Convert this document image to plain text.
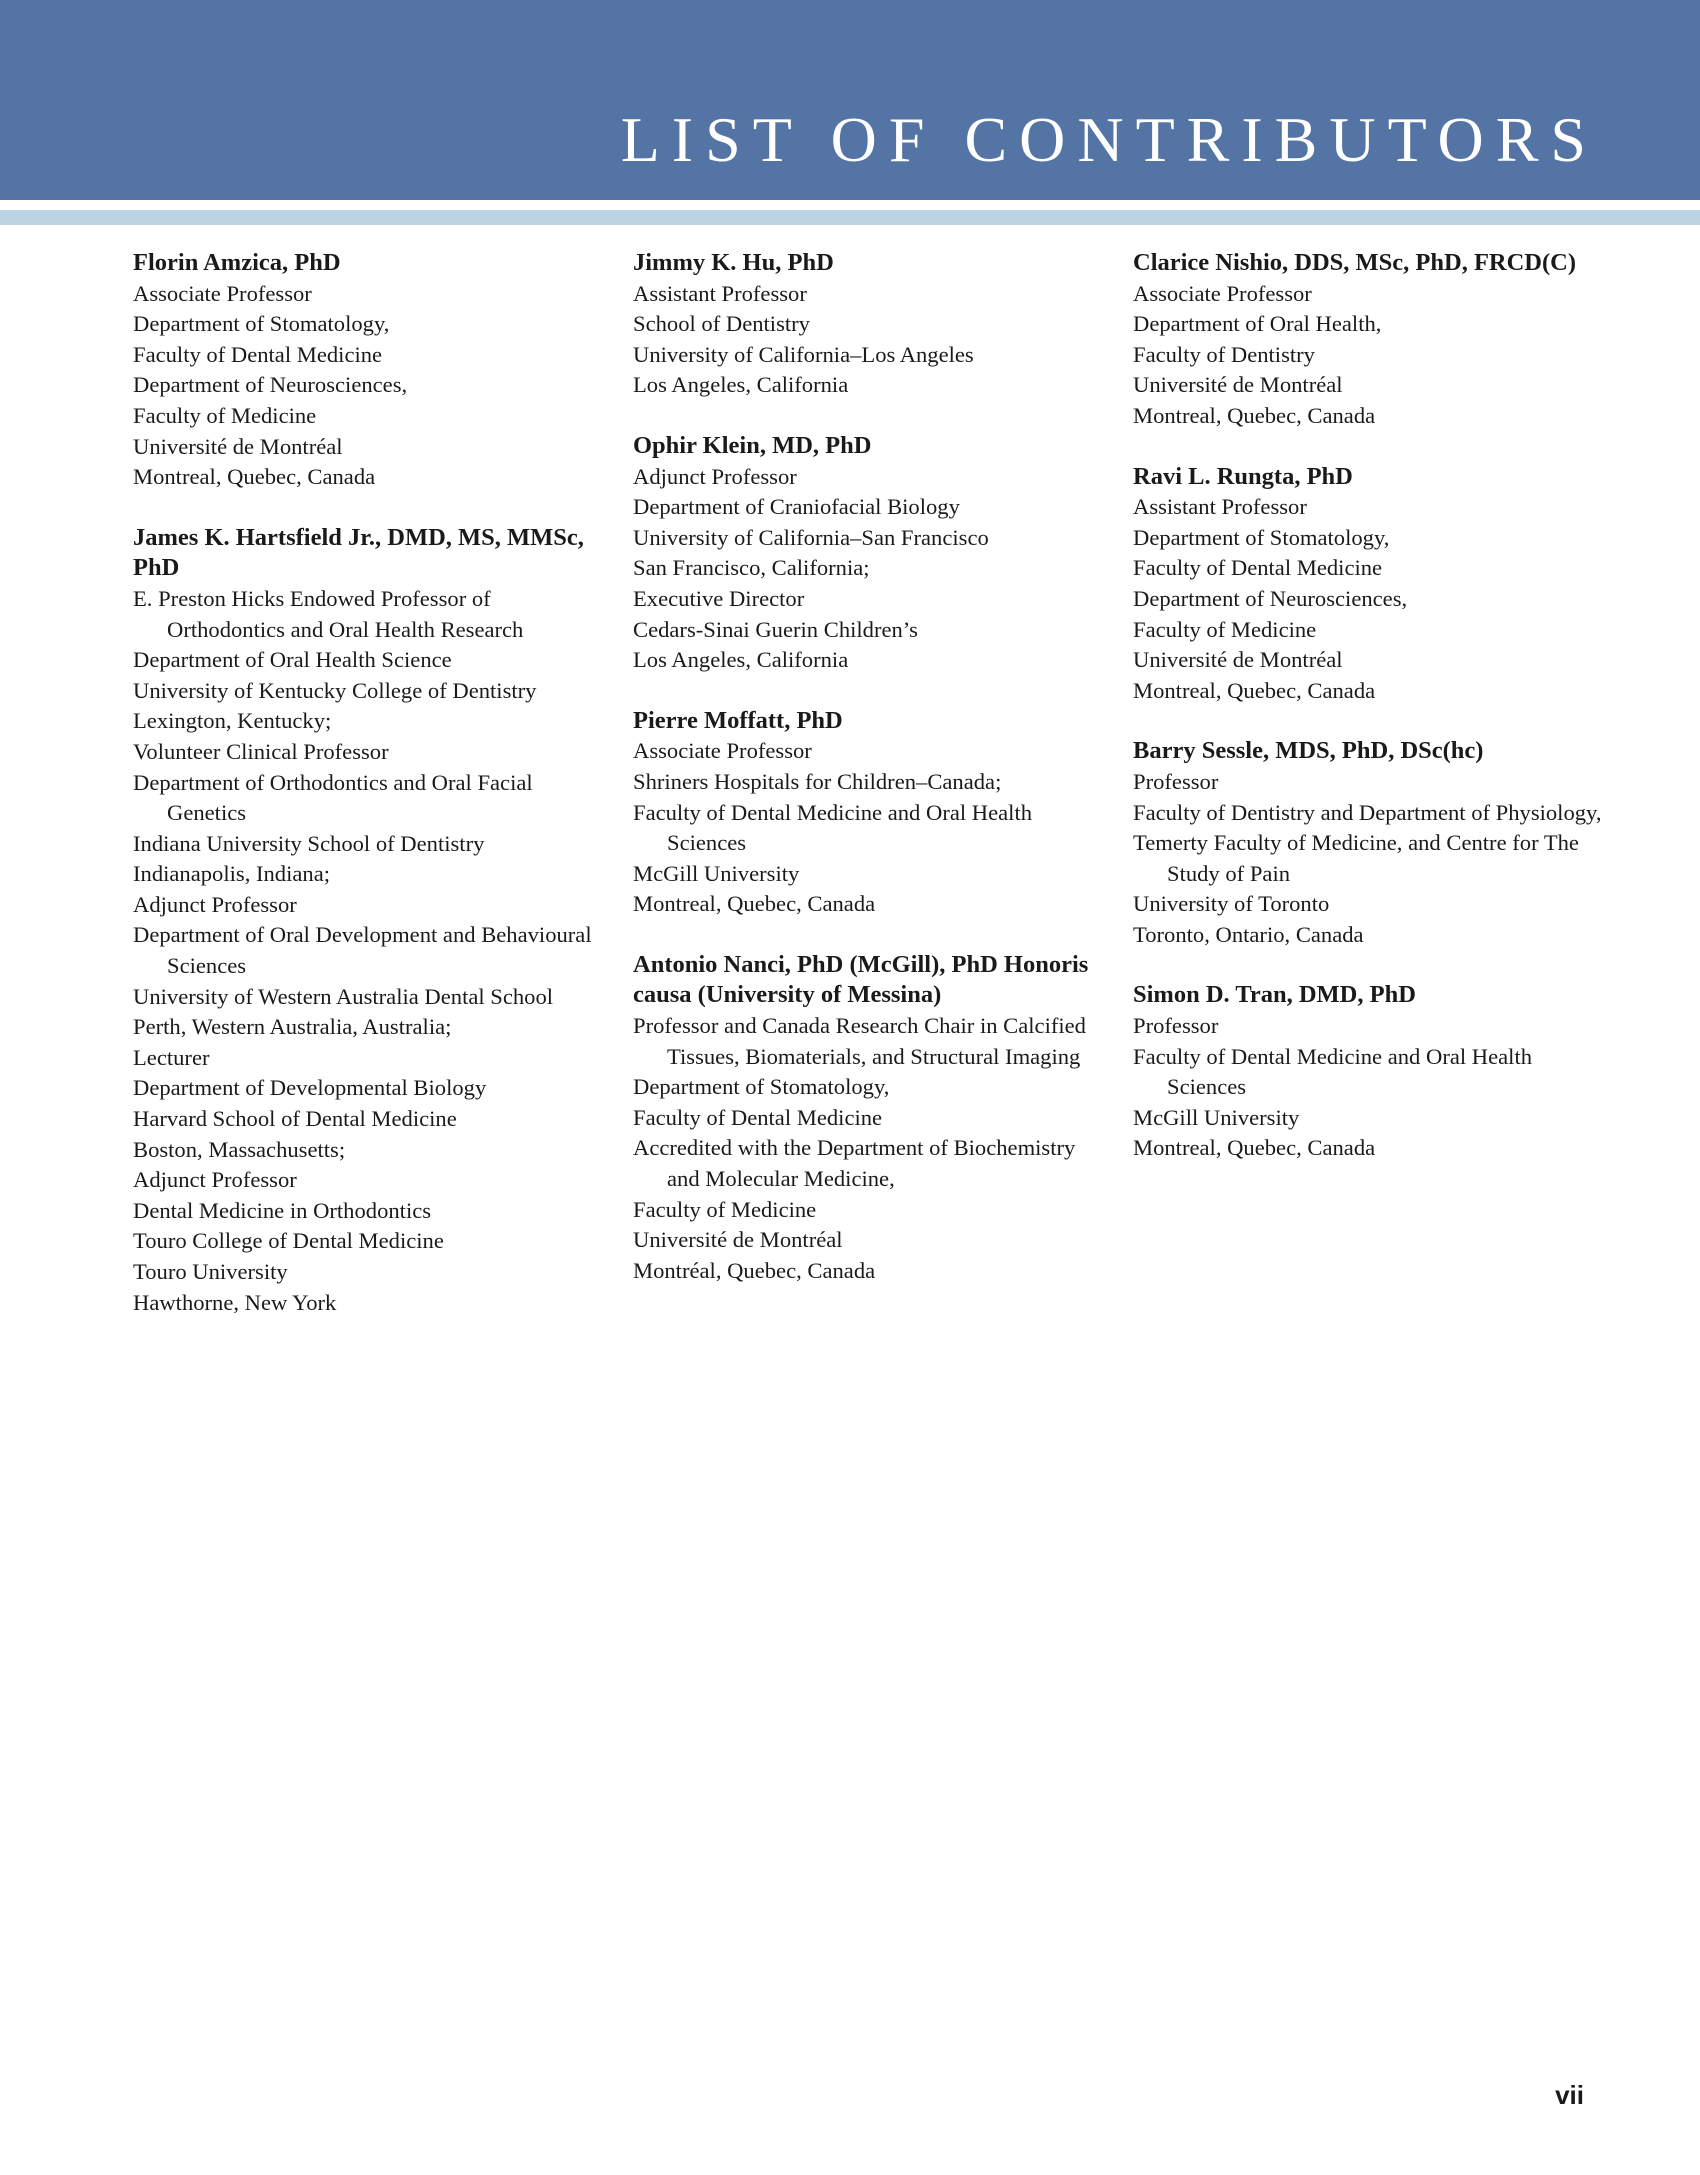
LIST OF CONTRIBUTORS
Florin Amzica, PhD
Associate Professor
Department of Stomatology,
Faculty of Dental Medicine
Department of Neurosciences,
Faculty of Medicine
Université de Montréal
Montreal, Quebec, Canada
James K. Hartsfield Jr., DMD, MS, MMSc, PhD
E. Preston Hicks Endowed Professor of Orthodontics and Oral Health Research
Department of Oral Health Science
University of Kentucky College of Dentistry
Lexington, Kentucky;
Volunteer Clinical Professor
Department of Orthodontics and Oral Facial Genetics
Indiana University School of Dentistry
Indianapolis, Indiana;
Adjunct Professor
Department of Oral Development and Behavioural Sciences
University of Western Australia Dental School
Perth, Western Australia, Australia;
Lecturer
Department of Developmental Biology
Harvard School of Dental Medicine
Boston, Massachusetts;
Adjunct Professor
Dental Medicine in Orthodontics
Touro College of Dental Medicine
Touro University
Hawthorne, New York
Jimmy K. Hu, PhD
Assistant Professor
School of Dentistry
University of California–Los Angeles
Los Angeles, California
Ophir Klein, MD, PhD
Adjunct Professor
Department of Craniofacial Biology
University of California–San Francisco
San Francisco, California;
Executive Director
Cedars-Sinai Guerin Children’s
Los Angeles, California
Pierre Moffatt, PhD
Associate Professor
Shriners Hospitals for Children–Canada;
Faculty of Dental Medicine and Oral Health Sciences
McGill University
Montreal, Quebec, Canada
Antonio Nanci, PhD (McGill), PhD Honoris causa (University of Messina)
Professor and Canada Research Chair in Calcified Tissues, Biomaterials, and Structural Imaging
Department of Stomatology,
Faculty of Dental Medicine
Accredited with the Department of Biochemistry and Molecular Medicine,
Faculty of Medicine
Université de Montréal
Montréal, Quebec, Canada
Clarice Nishio, DDS, MSc, PhD, FRCD(C)
Associate Professor
Department of Oral Health,
Faculty of Dentistry
Université de Montréal
Montreal, Quebec, Canada
Ravi L. Rungta, PhD
Assistant Professor
Department of Stomatology,
Faculty of Dental Medicine
Department of Neurosciences,
Faculty of Medicine
Université de Montréal
Montreal, Quebec, Canada
Barry Sessle, MDS, PhD, DSc(hc)
Professor
Faculty of Dentistry and Department of Physiology,
Temerty Faculty of Medicine, and Centre for The Study of Pain
University of Toronto
Toronto, Ontario, Canada
Simon D. Tran, DMD, PhD
Professor
Faculty of Dental Medicine and Oral Health Sciences
McGill University
Montreal, Quebec, Canada
vii
